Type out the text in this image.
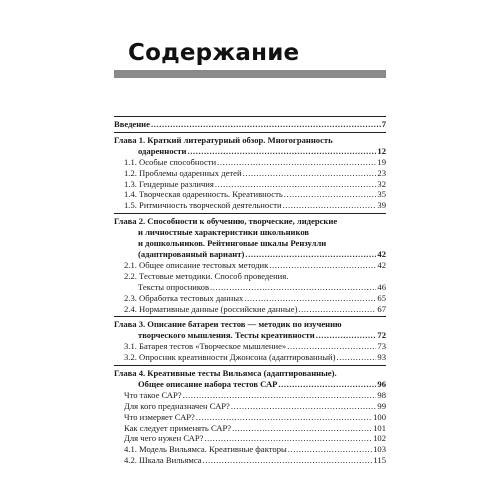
Содержание
Введение .....	7
Глава 1. Краткий литературный обзор. Многогранность
одаренности .....	12
1.1. Особые способности .....	19
1.2. Проблемы одаренных детей .....	23
1.3. Гендерные различия .....	32
1.4. Творческая одаренность. Креативность .....	35
1.5. Ритмичность творческой деятельности .....	39
Глава 2. Способности к обучению, творческие, лидерские
и личностные характеристики школьников
и дошкольников. Рейтинговые шкалы Рензулли
(адаптированный вариант) .....	42
2.1. Общее описание тестовых методик .....	42
2.2. Тестовые методики. Способ проведения.
Тексты опросников .....	46
2.3. Обработка тестовых данных .....	65
2.4. Нормативные данные (российские данные) .....	67
Глава 3. Описание батареи тестов — методик по изучению
творческого мышления. Тесты креативности .....	72
3.1. Батарея тестов «Творческое мышление» .....	73
3.2. Опросник креативности Джонсона (адаптированный) .....	93
Глава 4. Креативные тесты Вильямса (адаптированные).
Общее описание набора тестов САР .....	96
Что такое САР? .....	98
Для кого предназначен САР? .....	99
Что измеряет САР? .....	100
Как следует применять САР? .....	101
Для чего нужен САР? .....	102
4.1. Модель Вильямса. Креативные факторы .....	103
4.2. Шкала Вильямса .....	115
